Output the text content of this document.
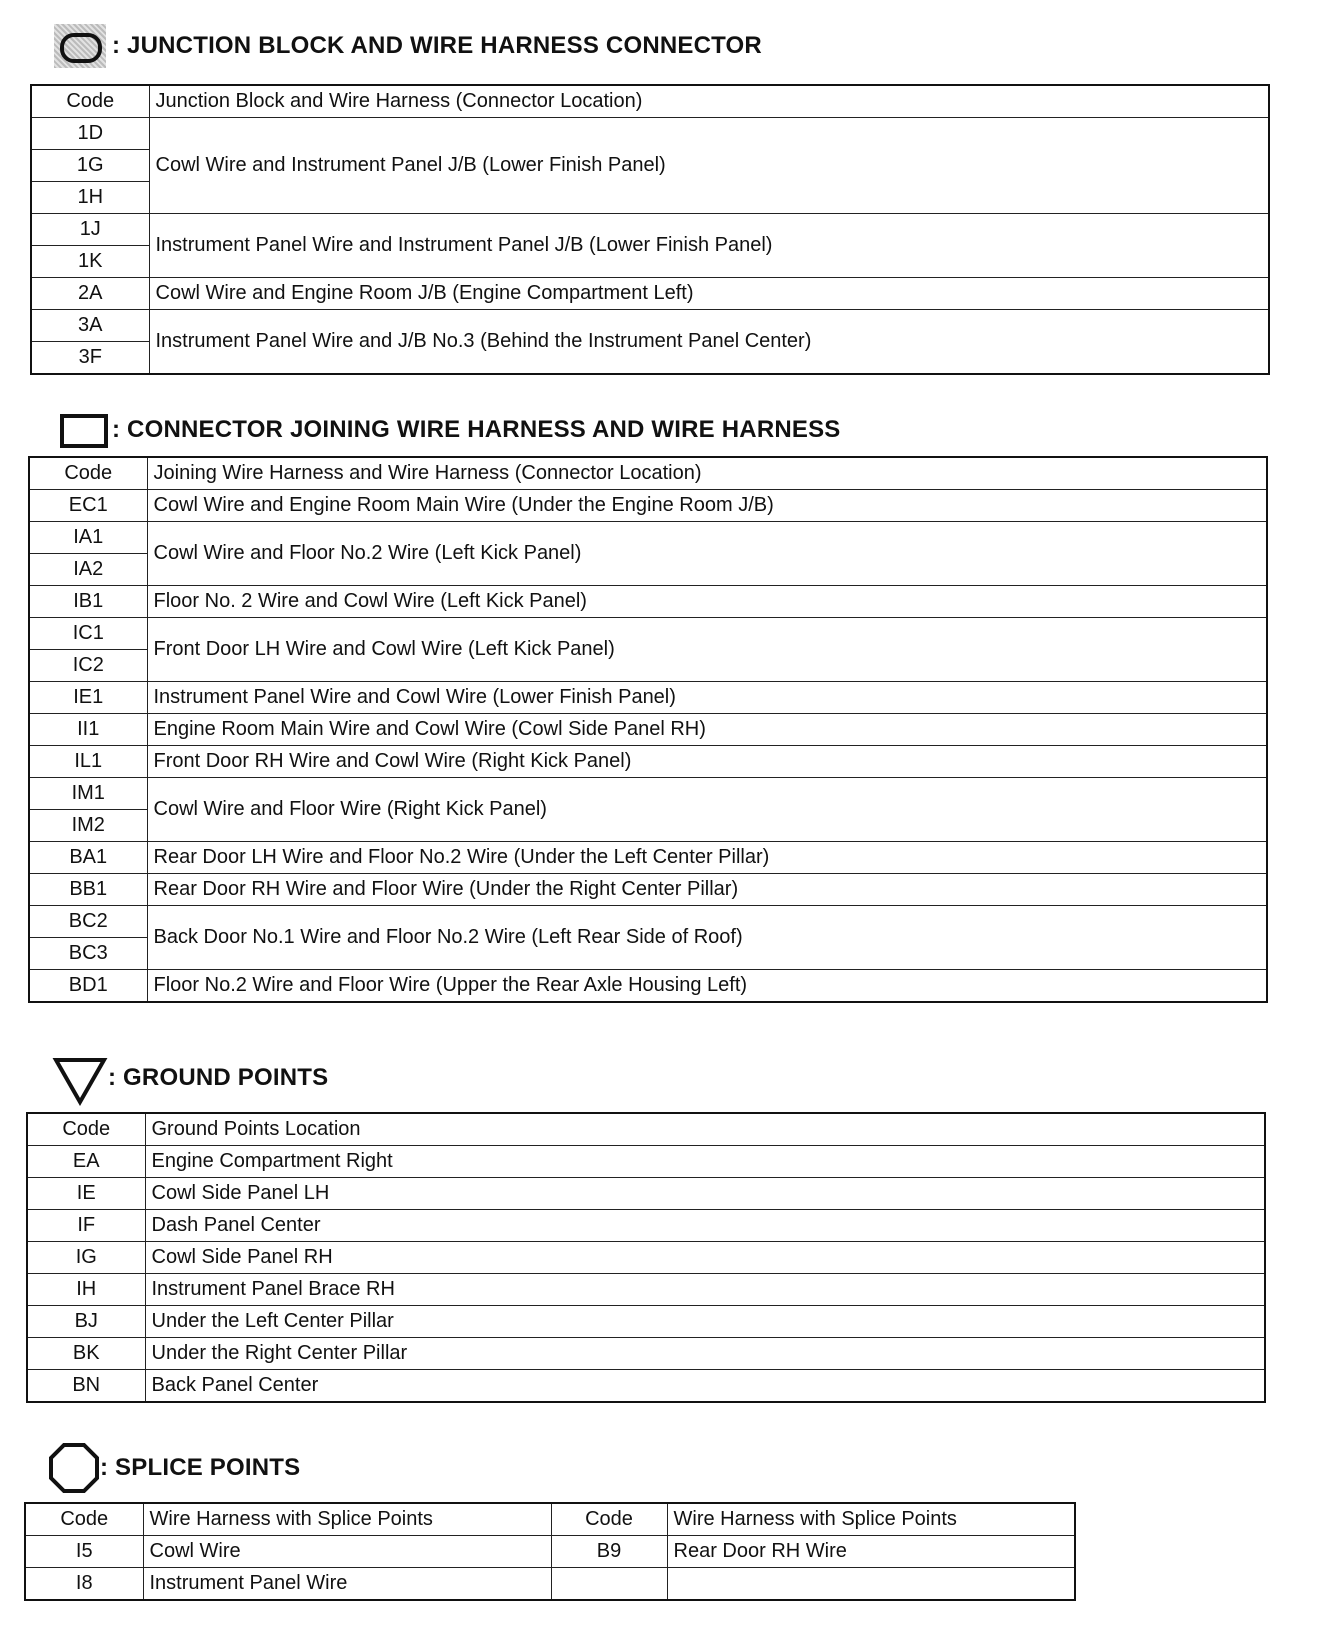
: JUNCTION BLOCK AND WIRE HARNESS CONNECTOR
Code	Junction Block and Wire Harness (Connector Location)
1D	Cowl Wire and Instrument Panel J/B (Lower Finish Panel)
1G	
1H	
1J	Instrument Panel Wire and Instrument Panel J/B (Lower Finish Panel)
1K	
2A	Cowl Wire and Engine Room J/B (Engine Compartment Left)
3A	Instrument Panel Wire and J/B No.3 (Behind the Instrument Panel Center)
3F	
: CONNECTOR JOINING WIRE HARNESS AND WIRE HARNESS
Code	Joining Wire Harness and Wire Harness (Connector Location)
EC1	Cowl Wire and Engine Room Main Wire (Under the Engine Room J/B)
IA1	Cowl Wire and Floor No.2 Wire (Left Kick Panel)
IA2	
IB1	Floor No. 2 Wire and Cowl Wire (Left Kick Panel)
IC1	Front Door LH Wire and Cowl Wire (Left Kick Panel)
IC2	
IE1	Instrument Panel Wire and Cowl Wire (Lower Finish Panel)
II1	Engine Room Main Wire and Cowl Wire (Cowl Side Panel RH)
IL1	Front Door RH Wire and Cowl Wire (Right Kick Panel)
IM1	Cowl Wire and Floor Wire (Right Kick Panel)
IM2	
BA1	Rear Door LH Wire and Floor No.2 Wire (Under the Left Center Pillar)
BB1	Rear Door RH Wire and Floor Wire (Under the Right Center Pillar)
BC2	Back Door No.1 Wire and Floor No.2 Wire (Left Rear Side of Roof)
BC3	
BD1	Floor No.2 Wire and Floor Wire (Upper the Rear Axle Housing Left)
: GROUND POINTS
Code	Ground Points Location
EA	Engine Compartment Right
IE	Cowl Side Panel LH
IF	Dash Panel Center
IG	Cowl Side Panel RH
IH	Instrument Panel Brace RH
BJ	Under the Left Center Pillar
BK	Under the Right Center Pillar
BN	Back Panel Center
: SPLICE POINTS
Code	Wire Harness with Splice Points	Code	Wire Harness with Splice Points
I5	Cowl Wire	B9	Rear Door RH Wire
I8	Instrument Panel Wire		
